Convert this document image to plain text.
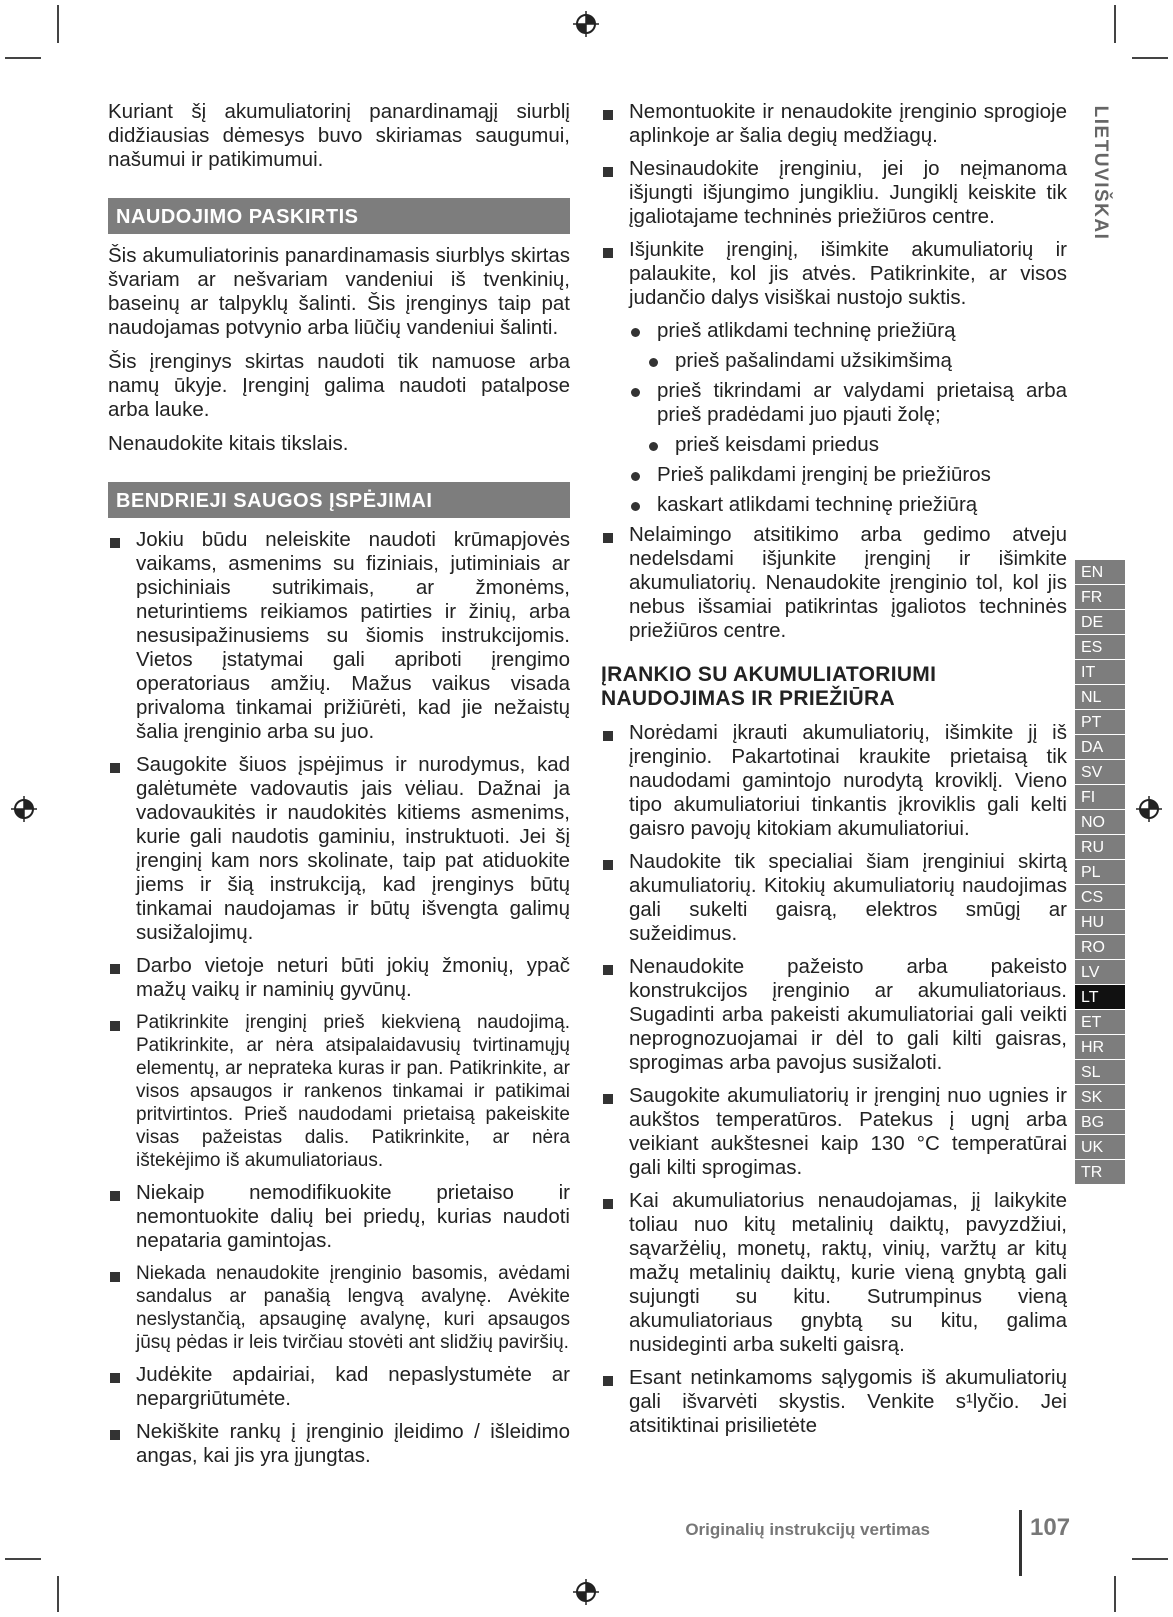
Kuriant šį akumuliatorinį panardinamąjį siurblį didžiausias dėmesys buvo skiriamas saugumui, našumui ir patikimumui.

NAUDOJIMO PASKIRTIS

Šis akumuliatorinis panardinamasis siurblys skirtas švariam ar nešvariam vandeniui iš tvenkinių, baseinų ar talpyklų šalinti. Šis įrenginys taip pat naudojamas potvynio arba liūčių vandeniui šalinti.

Šis įrenginys skirtas naudoti tik namuose arba namų ūkyje. Įrenginį galima naudoti patalpose arba lauke.

Nenaudokite kitais tikslais.

BENDRIEJI SAUGOS ĮSPĖJIMAI

Jokiu būdu neleiskite naudoti krūmapjovės vaikams, asmenims su fiziniais, jutiminiais ar psichiniais sutrikimais, ar žmonėms, neturintiems reikiamos patirties ir žinių, arba nesusipažinusiems su šiomis instrukcijomis. Vietos įstatymai gali apriboti įrengimo operatoriaus amžių. Mažus vaikus visada privaloma tinkamai prižiūrėti, kad jie nežaistų šalia įrenginio arba su juo.

Saugokite šiuos įspėjimus ir nurodymus, kad galėtumėte vadovautis jais vėliau. Dažnai ja vadovaukitės ir naudokitės kitiems asmenims, kurie gali naudotis gaminiu, instruktuoti. Jei šį įrenginį kam nors skolinate, taip pat atiduokite jiems ir šią instrukciją, kad įrenginys būtų tinkamai naudojamas ir būtų išvengta galimų susižalojimų.

Darbo vietoje neturi būti jokių žmonių, ypač mažų vaikų ir naminių gyvūnų.

Patikrinkite įrenginį prieš kiekvieną naudojimą. Patikrinkite, ar nėra atsipalaidavusių tvirtinamųjų elementų, ar nepratekа kuras ir pan. Patikrinkite, ar visos apsaugos ir rankenos tinkamai ir patikimai pritvirtintos. Prieš naudodami prietaisą pakeiskite visas pažeistas dalis. Patikrinkite, ar nėra ištekėjimo iš akumuliatoriaus.

Niekaip nemodifikuokite prietaiso ir nemontuokite dalių bei priedų, kurias naudoti nepataria gamintojas.

Niekada nenaudokite įrenginio basomis, avėdami sandalus ar panašią lengvą avalynę. Avėkite neslystančią, apsauginę avalynę, kuri apsaugos jūsų pėdas ir leis tvirčiau stovėti ant slidžių paviršių.

Judėkite apdairiai, kad nepaslystumėte ar nepargriūtumėte.

Nekiškite rankų į įrenginio įleidimo / išleidimo angas, kai jis yra įjungtas.

Nemontuokite ir nenaudokite įrenginio sprogioje aplinkoje ar šalia degių medžiagų.

Nesinaudokite įrenginiu, jei jo neįmanoma išjungti išjungimo jungikliu. Jungiklį keiskite tik įgaliotajame techninės priežiūros centre.

Išjunkite įrenginį, išimkite akumuliatorių ir palaukite, kol jis atvės. Patikrinkite, ar visos judančio dalys visiškai nustojo suktis.

prieš atlikdami techninę priežiūrą

prieš pašalindami užsikimšimą

prieš tikrindami ar valydami prietaisą arba prieš pradėdami juo pjauti žolę;

prieš keisdami priedus

Prieš palikdami įrenginį be priežiūros

kaskart atlikdami techninę priežiūrą

Nelaimingo atsitikimo arba gedimo atveju nedelsdami išjunkite įrenginį ir išimkite akumuliatorių. Nenaudokite įrenginio tol, kol jis nebus išsamiai patikrintas įgaliotos techninės priežiūros centre.

ĮRANKIO SU AKUMULIATORIUMI NAUDOJIMAS IR PRIEŽIŪRA

Norėdami įkrauti akumuliatorių, išimkite jį iš įrenginio. Pakartotinai kraukite prietaisą tik naudodami gamintojo nurodytą kroviklį. Vieno tipo akumuliatoriui tinkantis įkroviklis gali kelti gaisro pavojų kitokiam akumuliatoriui.

Naudokite tik specialiai šiam įrenginiui skirtą akumuliatorių. Kitokių akumuliatorių naudojimas gali sukelti gaisrą, elektros smūgį ar sužeidimus.

Nenaudokite pažeisto arba pakeisto konstrukcijos įrenginio ar akumuliatoriaus. Sugadinti arba pakeisti akumuliatoriai gali veikti neprognozuojamai ir dėl to gali kilti gaisras, sprogimas arba pavojus susižaloti.

Saugokite akumuliatorių ir įrenginį nuo ugnies ir aukštos temperatūros. Patekus į ugnį arba veikiant aukštesnei kaip 130 °C temperatūrai gali kilti sprogimas.

Kai akumuliatorius nenaudojamas, jį laikykite toliau nuo kitų metalinių daiktų, pavyzdžiui, sąvaržėlių, monetų, raktų, vinių, varžtų ar kitų mažų metalinių daiktų, kurie vieną gnybtą gali sujungti su kitu. Sutrumpinus vieną akumuliatoriaus gnybtą su kitu, galima nusideginti arba sukelti gaisrą.

Esant netinkamoms sąlygomis iš akumuliatorių gali išvarvėti skystis. Venkite s¹lyčio. Jei atsitiktinai prisilietėte

LIETUVIŠKAI
EN
FR
DE
ES
IT
NL
PT
DA
SV
FI
NO
RU
PL
CS
HU
RO
LV
LT
ET
HR
SL
SK
BG
UK
TR
Originalių instrukcijų vertimas	107
